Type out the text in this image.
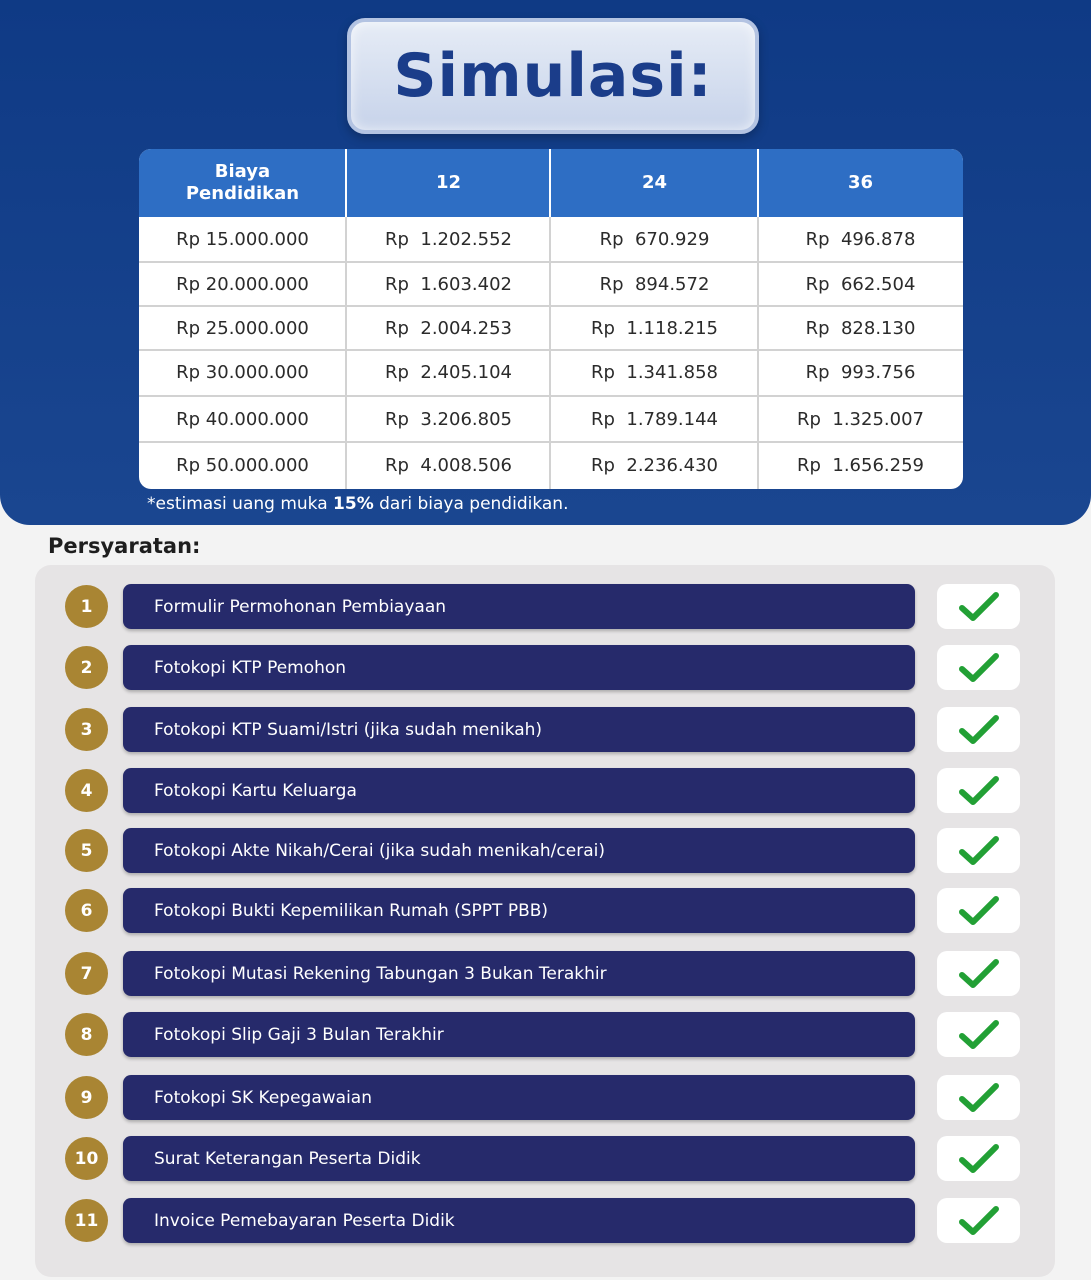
Simulasi:
Biaya
Pendidikan
12	24	36
Rp 15.000.000	Rp  1.202.552	Rp  670.929	Rp  496.878
Rp 20.000.000	Rp  1.603.402	Rp  894.572	Rp  662.504
Rp 25.000.000	Rp  2.004.253	Rp  1.118.215	Rp  828.130
Rp 30.000.000	Rp  2.405.104	Rp  1.341.858	Rp  993.756
Rp 40.000.000	Rp  3.206.805	Rp  1.789.144	Rp  1.325.007
Rp 50.000.000	Rp  4.008.506	Rp  2.236.430	Rp  1.656.259
*estimasi uang muka 15% dari biaya pendidikan.
Persyaratan:
1	Formulir Permohonan Pembiayaan
2	Fotokopi KTP Pemohon
3	Fotokopi KTP Suami/Istri (jika sudah menikah)
4	Fotokopi Kartu Keluarga
5	Fotokopi Akte Nikah/Cerai (jika sudah menikah/cerai)
6	Fotokopi Bukti Kepemilikan Rumah (SPPT PBB)
7	Fotokopi Mutasi Rekening Tabungan 3 Bukan Terakhir
8	Fotokopi Slip Gaji 3 Bulan Terakhir
9	Fotokopi SK Kepegawaian
10	Surat Keterangan Peserta Didik
11	Invoice Pemebayaran Peserta Didik
